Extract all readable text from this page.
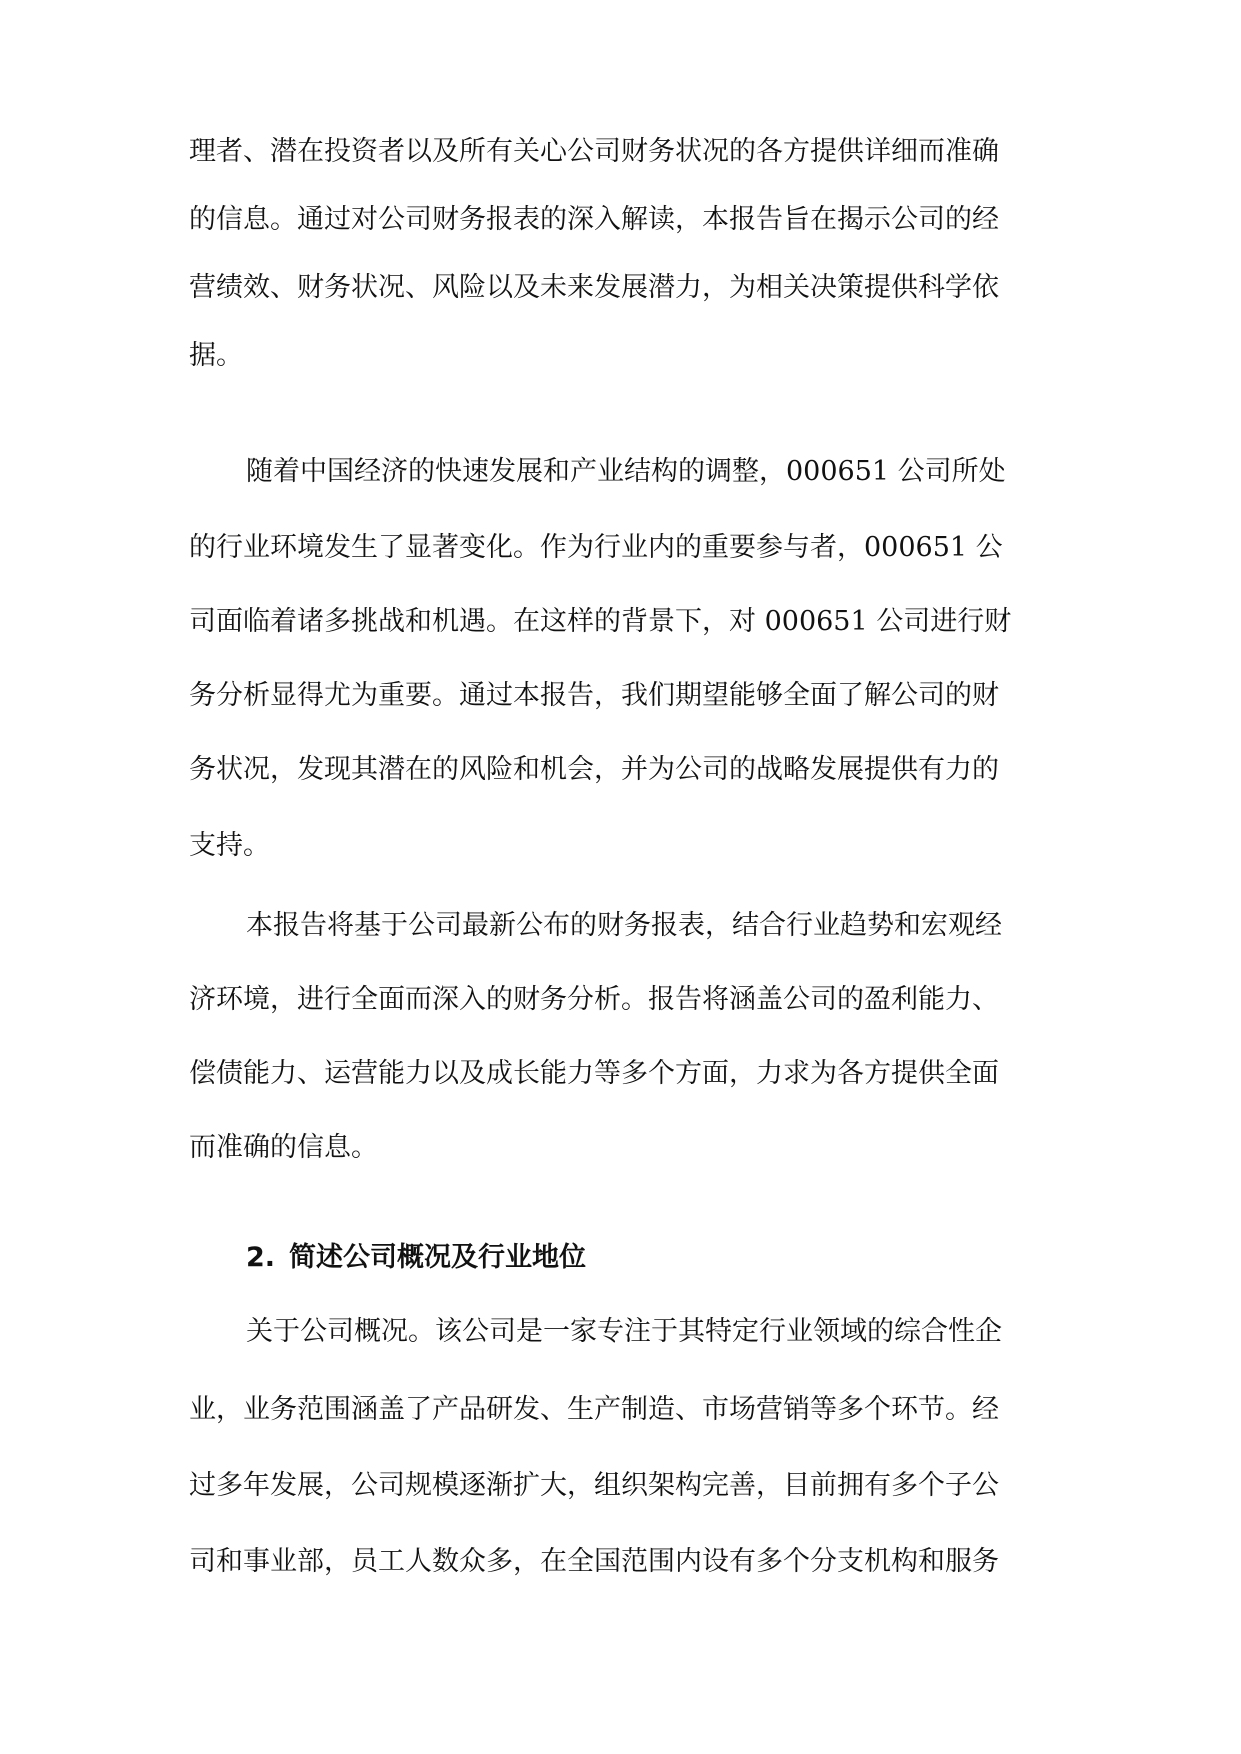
理者、潜在投资者以及所有关心公司财务状况的各方提供详细而准确
的信息。通过对公司财务报表的深入解读，本报告旨在揭示公司的经
营绩效、财务状况、风险以及未来发展潜力，为相关决策提供科学依
据。
随着中国经济的快速发展和产业结构的调整，000651 公司所处
的行业环境发生了显著变化。作为行业内的重要参与者，000651 公
司面临着诸多挑战和机遇。在这样的背景下，对 000651 公司进行财
务分析显得尤为重要。通过本报告，我们期望能够全面了解公司的财
务状况，发现其潜在的风险和机会，并为公司的战略发展提供有力的
支持。
本报告将基于公司最新公布的财务报表，结合行业趋势和宏观经
济环境，进行全面而深入的财务分析。报告将涵盖公司的盈利能力、
偿债能力、运营能力以及成长能力等多个方面，力求为各方提供全面
而准确的信息。
2. 简述公司概况及行业地位
关于公司概况。该公司是一家专注于其特定行业领域的综合性企
业，业务范围涵盖了产品研发、生产制造、市场营销等多个环节。经
过多年发展，公司规模逐渐扩大，组织架构完善，目前拥有多个子公
司和事业部，员工人数众多，在全国范围内设有多个分支机构和服务
